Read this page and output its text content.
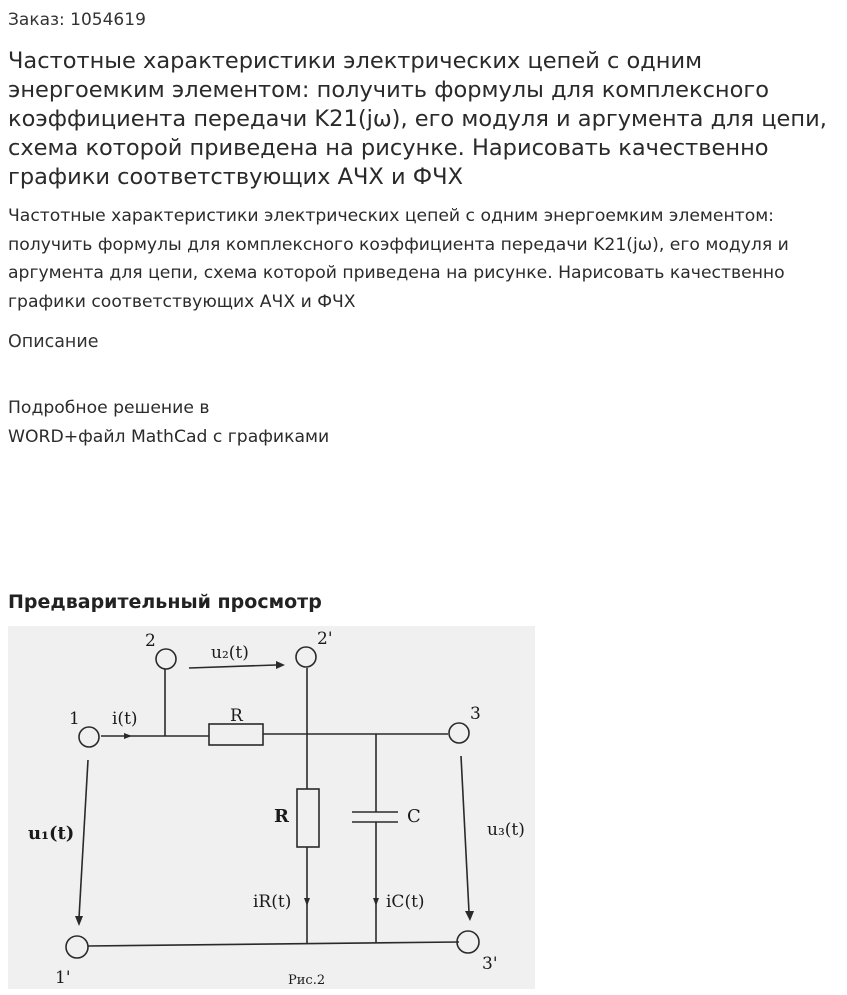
Заказ: 1054619
Частотные характеристики электрических цепей с одним энергоемким элементом: получить формулы для комплексного коэффициента передачи K21(jω), его модуля и аргумента для цепи, схема которой приведена на рисунке. Нарисовать качественно графики соответствующих АЧХ и ФЧХ
Частотные характеристики электрических цепей с одним энергоемким элементом: получить формулы для комплексного коэффициента передачи K21(jω), его модуля и аргумента для цепи, схема которой приведена на рисунке. Нарисовать качественно графики соответствующих АЧХ и ФЧХ
Описание
Подробное решение в
WORD+файл MathCad с графиками
Предварительный просмотр
2	2'
u₂(t)
1 i(t)	R	3
R	C
u₁(t)	u₃(t)
iR(t)	iC(t)
1'
3'
Рис.2
